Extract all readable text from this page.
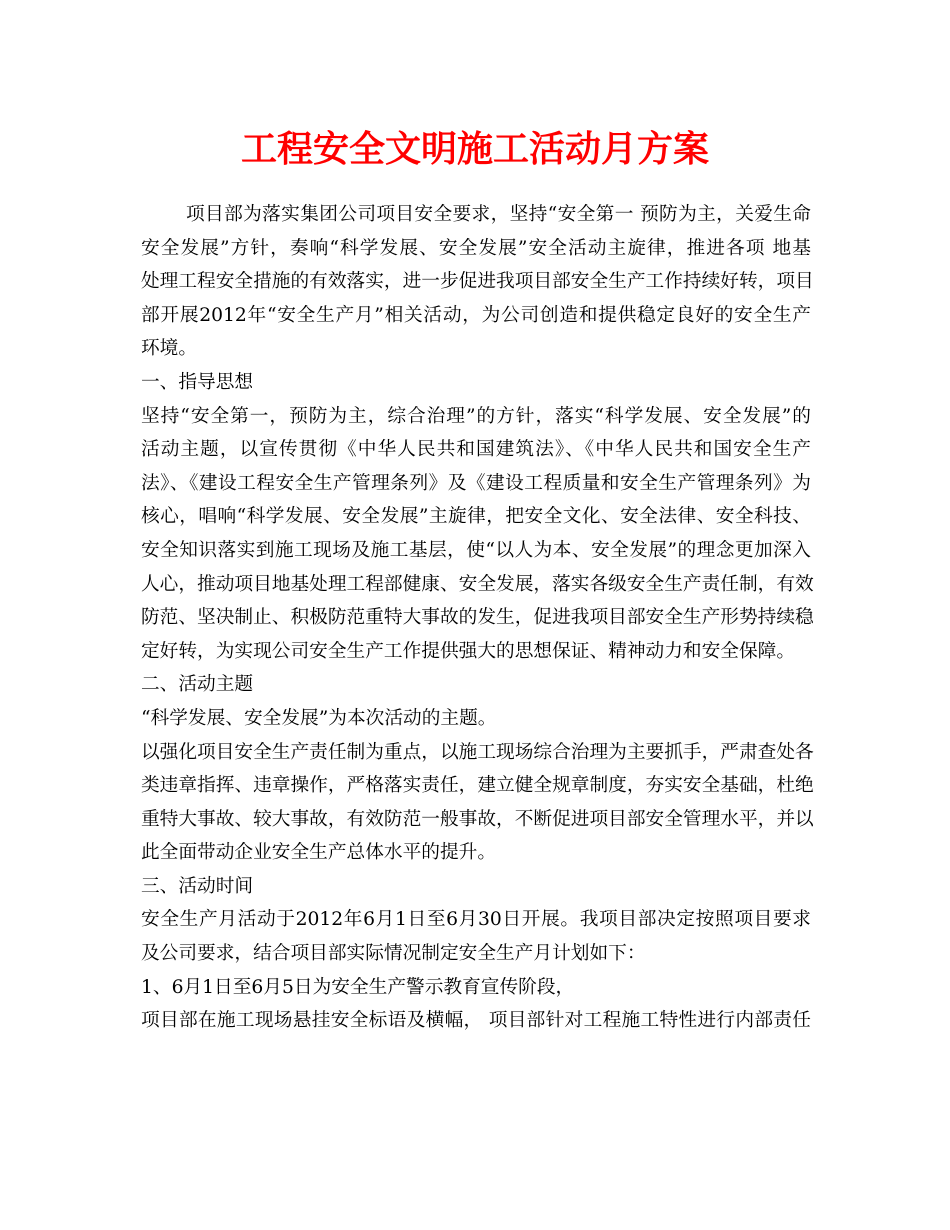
工程安全文明施工活动月方案
项目部为落实集团公司项目安全要求，坚持“安全第一 预防为主，关爱生命
安全发展”方针，奏响“科学发展、安全发展”安全活动主旋律，推进各项 地基
处理工程安全措施的有效落实，进一步促进我项目部安全生产工作持续好转，项目
部开展2012年“安全生产月”相关活动，为公司创造和提供稳定良好的安全生产
环境。
一、指导思想
坚持“安全第一，预防为主，综合治理”的方针，落实“科学发展、安全发展”的
活动主题，以宣传贯彻《中华人民共和国建筑法》、《中华人民共和国安全生产
法》、《建设工程安全生产管理条列》及《建设工程质量和安全生产管理条列》为
核心，唱响“科学发展、安全发展”主旋律，把安全文化、安全法律、安全科技、
安全知识落实到施工现场及施工基层，使“以人为本、安全发展”的理念更加深入
人心，推动项目地基处理工程部健康、安全发展，落实各级安全生产责任制，有效
防范、坚决制止、积极防范重特大事故的发生，促进我项目部安全生产形势持续稳
定好转，为实现公司安全生产工作提供强大的思想保证、精神动力和安全保障。
二、活动主题
“科学发展、安全发展”为本次活动的主题。
以强化项目安全生产责任制为重点，以施工现场综合治理为主要抓手，严肃查处各
类违章指挥、违章操作，严格落实责任，建立健全规章制度，夯实安全基础，杜绝
重特大事故、较大事故，有效防范一般事故，不断促进项目部安全管理水平，并以
此全面带动企业安全生产总体水平的提升。
三、活动时间
安全生产月活动于2012年6月1日至6月30日开展。我项目部决定按照项目要求
及公司要求，结合项目部实际情况制定安全生产月计划如下：
1、6月1日至6月5日为安全生产警示教育宣传阶段，
项目部在施工现场悬挂安全标语及横幅， 项目部针对工程施工特性进行内部责任
